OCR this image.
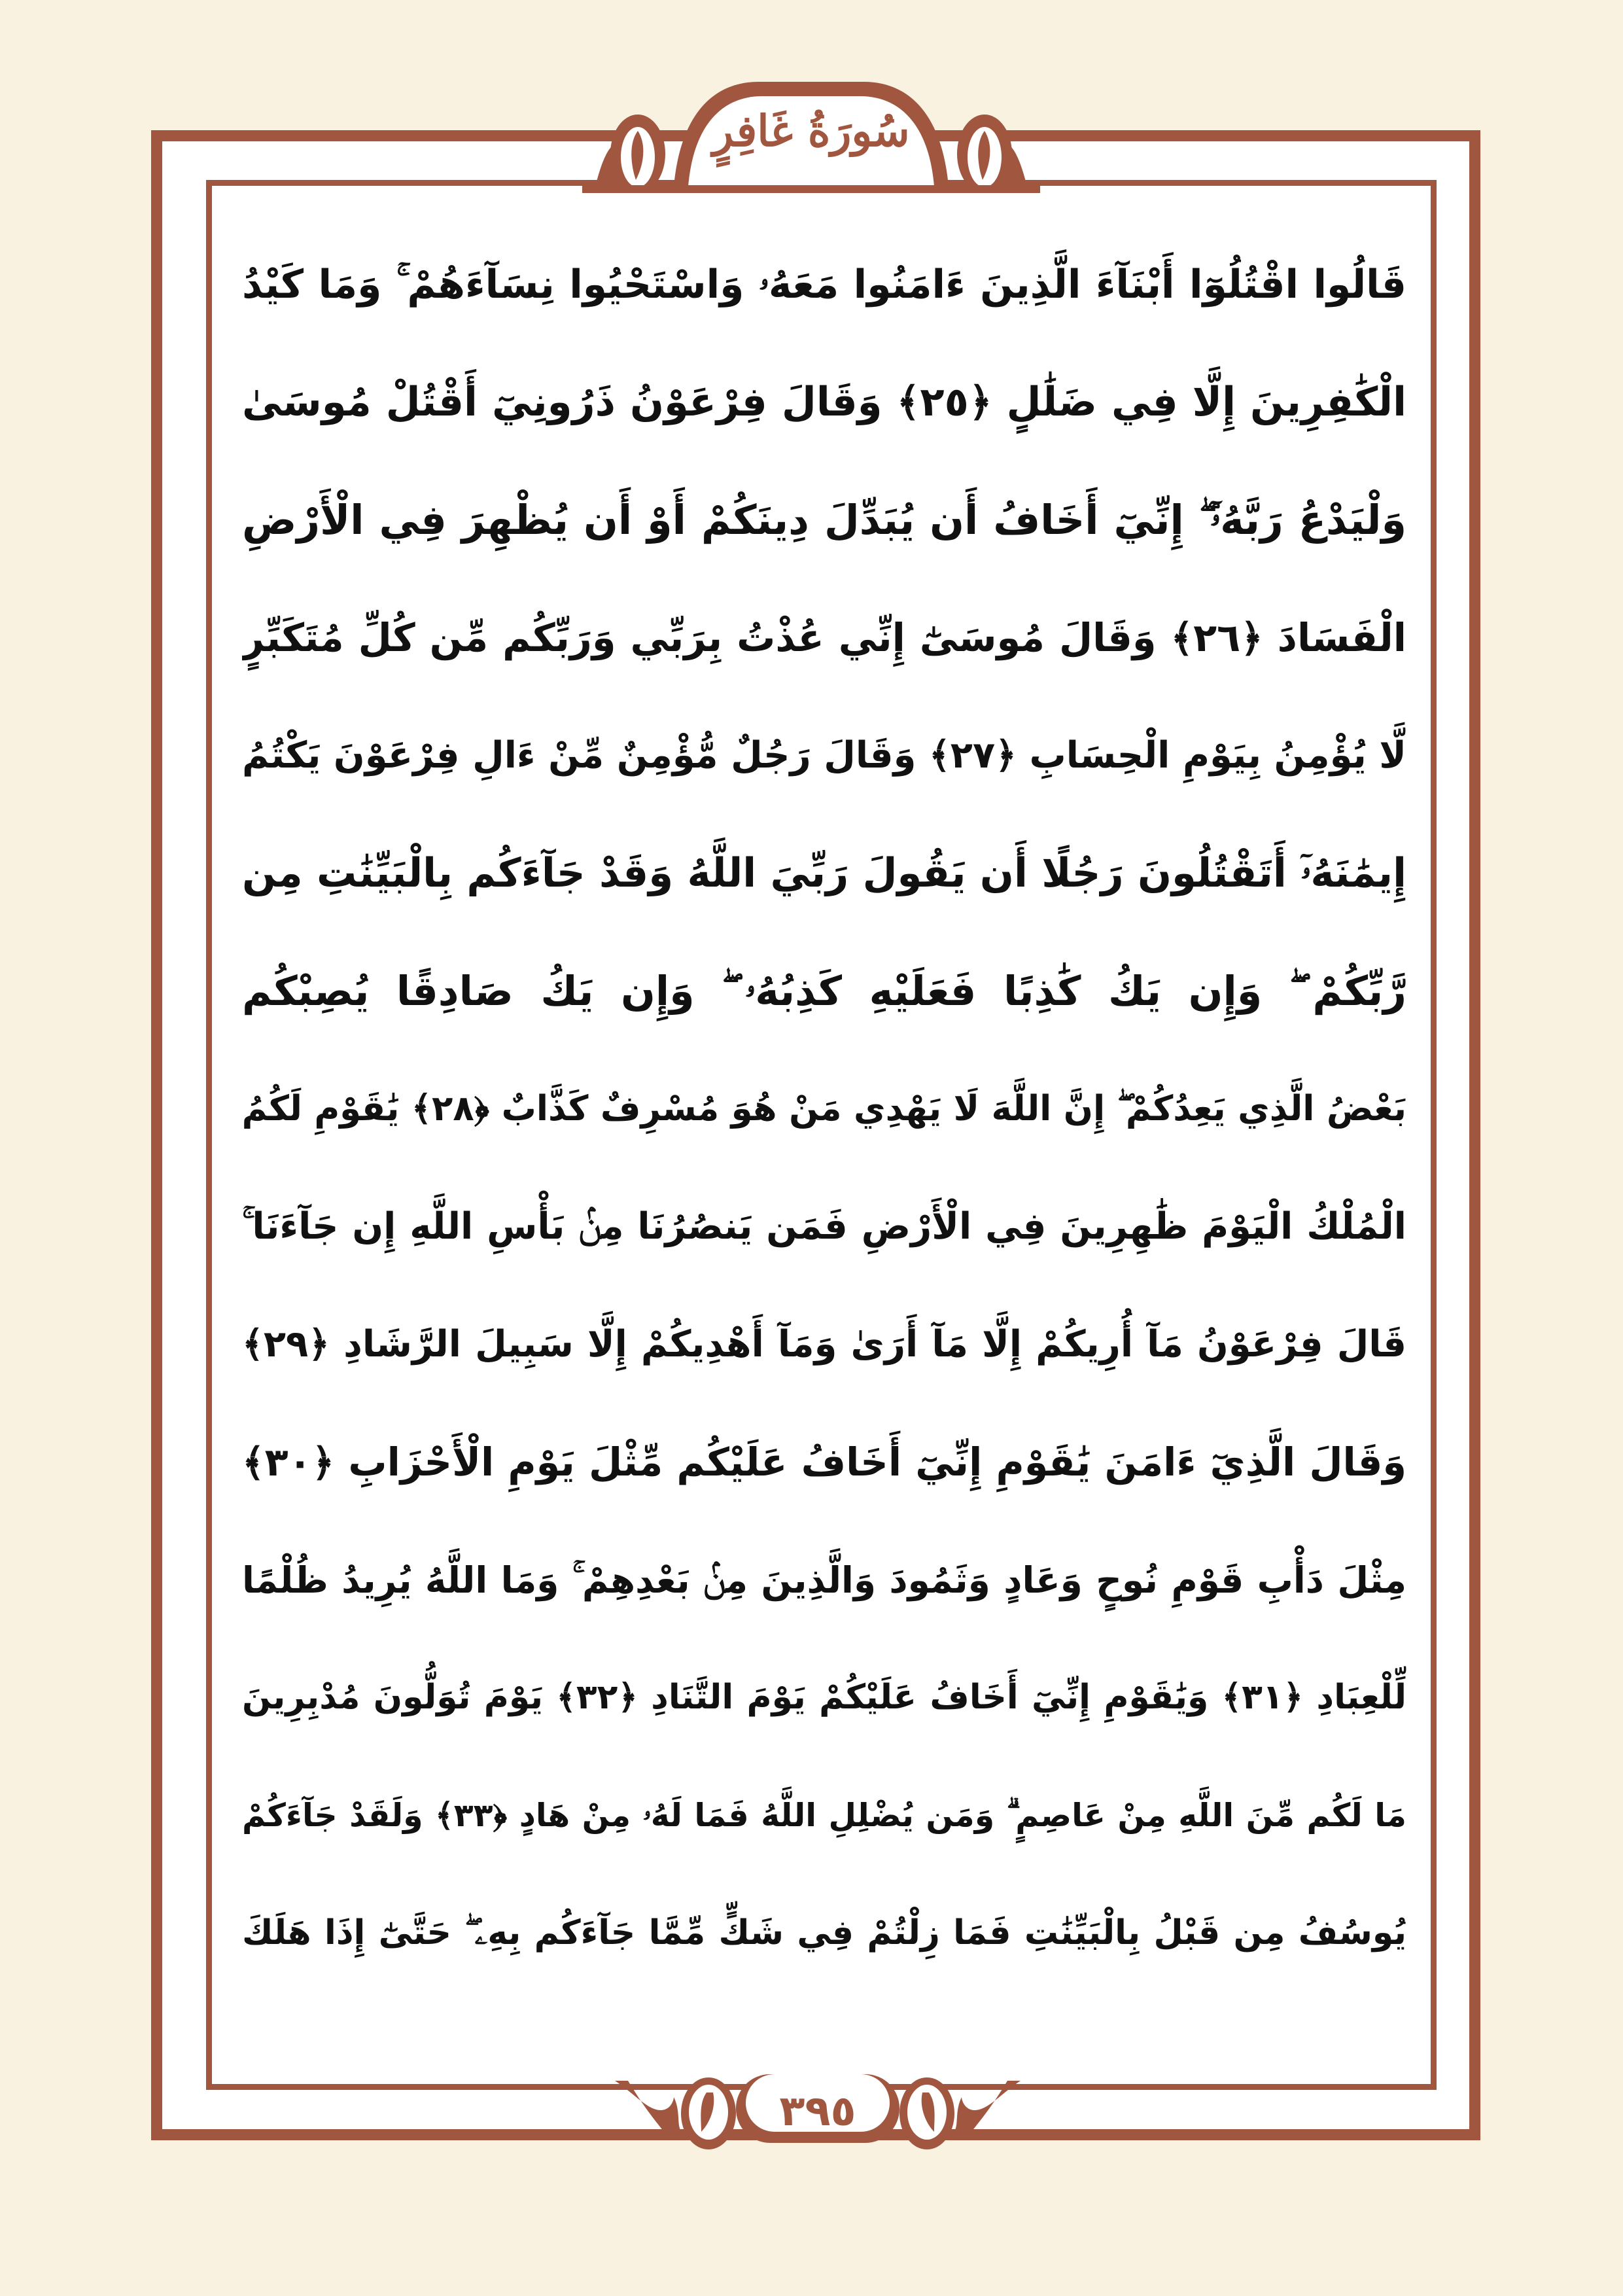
سُورَةُ غَافِرٍ
قَالُوا اقْتُلُوٓا أَبْنَآءَ الَّذِينَ ءَامَنُوا مَعَهُۥ وَاسْتَحْيُوا نِسَآءَهُمْ ۚ وَمَا كَيْدُ
الْكَٰفِرِينَ إِلَّا فِي ضَلَٰلٍ ﴿٢٥﴾ وَقَالَ فِرْعَوْنُ ذَرُونِيٓ أَقْتُلْ مُوسَىٰ
وَلْيَدْعُ رَبَّهُۥٓ ۖ إِنِّيٓ أَخَافُ أَن يُبَدِّلَ دِينَكُمْ أَوْ أَن يُظْهِرَ فِي الْأَرْضِ
الْفَسَادَ ﴿٢٦﴾ وَقَالَ مُوسَىٰٓ إِنِّي عُذْتُ بِرَبِّي وَرَبِّكُم مِّن كُلِّ مُتَكَبِّرٍ
لَّا يُؤْمِنُ بِيَوْمِ الْحِسَابِ ﴿٢٧﴾ وَقَالَ رَجُلٌ مُّؤْمِنٌ مِّنْ ءَالِ فِرْعَوْنَ يَكْتُمُ
إِيمَٰنَهُۥٓ أَتَقْتُلُونَ رَجُلًا أَن يَقُولَ رَبِّيَ اللَّهُ وَقَدْ جَآءَكُم بِالْبَيِّنَٰتِ مِن
رَّبِّكُمْ ۖ وَإِن يَكُ كَٰذِبًا فَعَلَيْهِ كَذِبُهُۥ ۖ وَإِن يَكُ صَادِقًا يُصِبْكُم
بَعْضُ الَّذِي يَعِدُكُمْ ۖ إِنَّ اللَّهَ لَا يَهْدِي مَنْ هُوَ مُسْرِفٌ كَذَّابٌ ﴿٢٨﴾ يَٰقَوْمِ لَكُمُ
الْمُلْكُ الْيَوْمَ ظَٰهِرِينَ فِي الْأَرْضِ فَمَن يَنصُرُنَا مِنۢ بَأْسِ اللَّهِ إِن جَآءَنَا ۚ
قَالَ فِرْعَوْنُ مَآ أُرِيكُمْ إِلَّا مَآ أَرَىٰ وَمَآ أَهْدِيكُمْ إِلَّا سَبِيلَ الرَّشَادِ ﴿٢٩﴾
وَقَالَ الَّذِيٓ ءَامَنَ يَٰقَوْمِ إِنِّيٓ أَخَافُ عَلَيْكُم مِّثْلَ يَوْمِ الْأَحْزَابِ ﴿٣٠﴾
مِثْلَ دَأْبِ قَوْمِ نُوحٍ وَعَادٍ وَثَمُودَ وَالَّذِينَ مِنۢ بَعْدِهِمْ ۚ وَمَا اللَّهُ يُرِيدُ ظُلْمًا
لِّلْعِبَادِ ﴿٣١﴾ وَيَٰقَوْمِ إِنِّيٓ أَخَافُ عَلَيْكُمْ يَوْمَ التَّنَادِ ﴿٣٢﴾ يَوْمَ تُوَلُّونَ مُدْبِرِينَ
مَا لَكُم مِّنَ اللَّهِ مِنْ عَاصِمٍ ۗ وَمَن يُضْلِلِ اللَّهُ فَمَا لَهُۥ مِنْ هَادٍ ﴿٣٣﴾ وَلَقَدْ جَآءَكُمْ
يُوسُفُ مِن قَبْلُ بِالْبَيِّنَٰتِ فَمَا زِلْتُمْ فِي شَكٍّ مِّمَّا جَآءَكُم بِهِۦ ۖ حَتَّىٰٓ إِذَا هَلَكَ
٣٩٥
